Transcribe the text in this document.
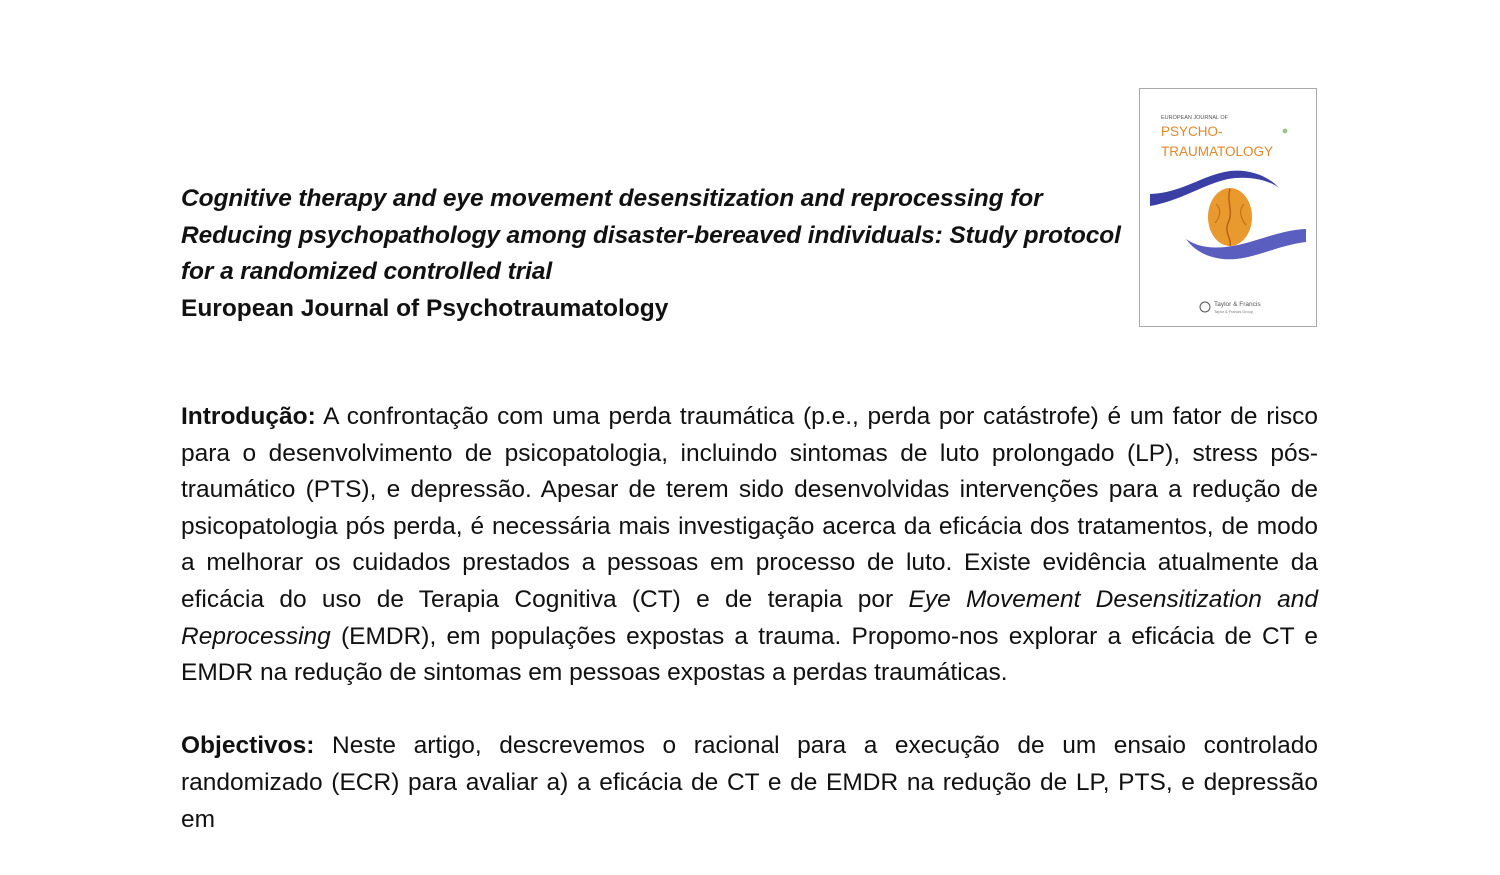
Cognitive therapy and eye movement desensitization and reprocessing for
Reducing psychopathology among disaster-bereaved individuals: Study protocol
for a randomized controlled trial
European Journal of Psychotraumatology
EUROPEAN JOURNAL OF
PSYCHO-
TRAUMATOLOGY
Taylor & Francis
Taylor & Francis Group

Introdução: A confrontação com uma perda traumática (p.e., perda por catástrofe) é um fator de risco para o desenvolvimento de psicopatologia, incluindo sintomas de luto prolongado (LP), stress pós-traumático (PTS), e depressão. Apesar de terem sido desenvolvidas intervenções para a redução de psicopatologia pós perda, é necessária mais investigação acerca da eficácia dos tratamentos, de modo a melhorar os cuidados prestados a pessoas em processo de luto. Existe evidência atualmente da eficácia do uso de Terapia Cognitiva (CT) e de terapia por Eye Movement Desensitization and Reprocessing (EMDR), em populações expostas a trauma. Propomo-nos explorar a eficácia de CT e EMDR na redução de sintomas em pessoas expostas a perdas traumáticas.

Objectivos: Neste artigo, descrevemos o racional para a execução de um ensaio controlado randomizado (ECR) para avaliar a) a eficácia de CT e de EMDR na redução de LP, PTS, e depressão em
